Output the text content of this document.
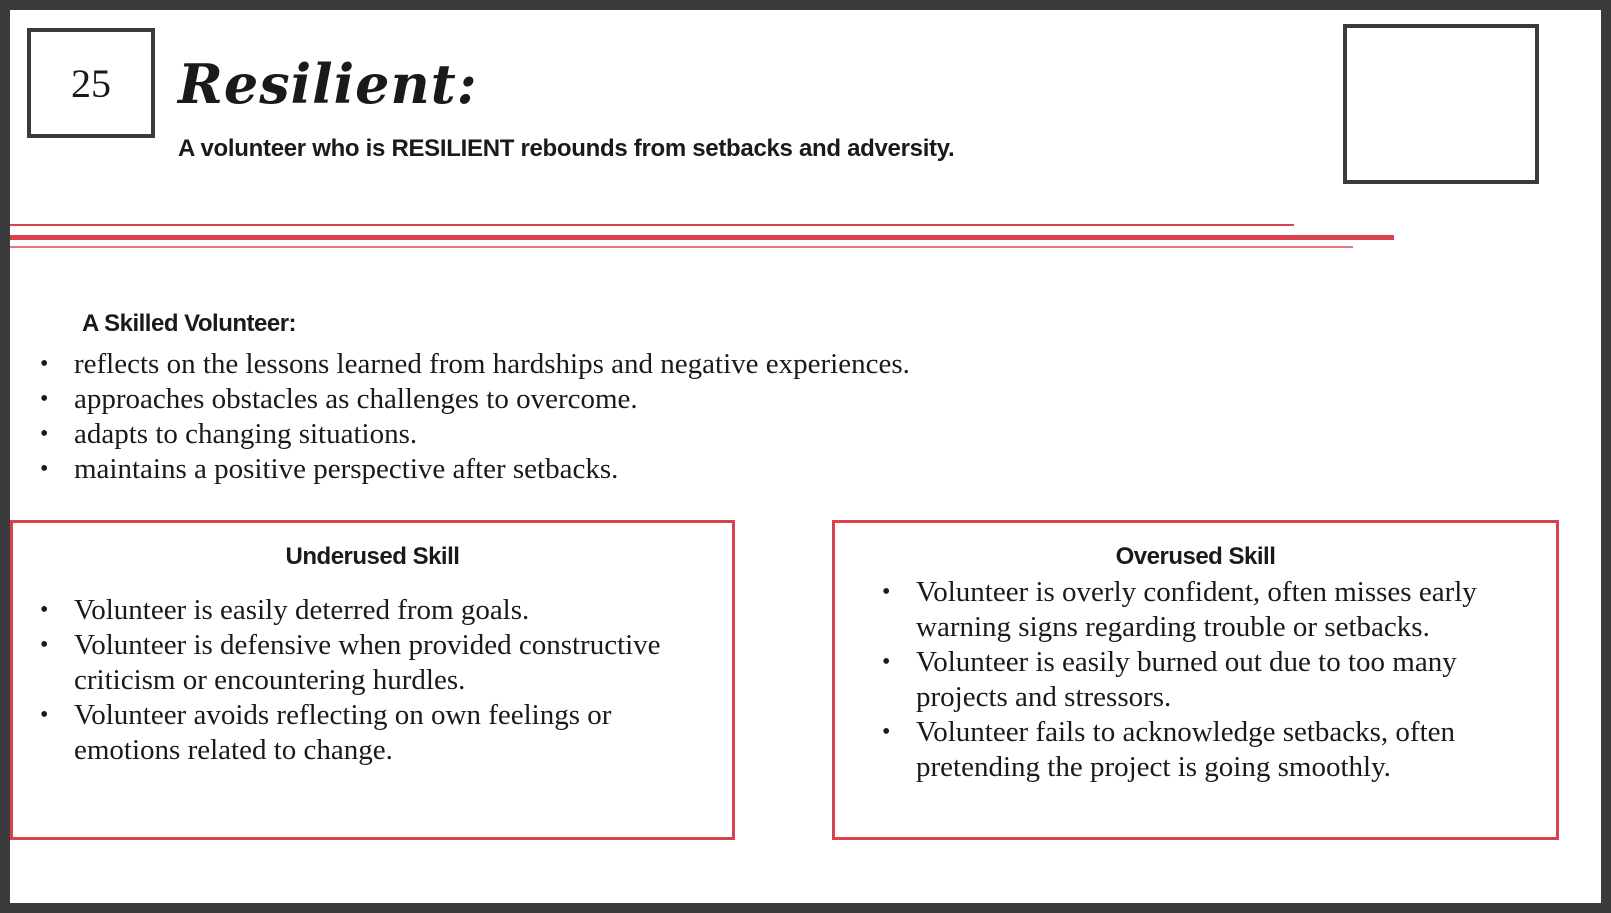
25 Resilient:
A volunteer who is RESILIENT rebounds from setbacks and adversity.
A Skilled Volunteer:
• reflects on the lessons learned from hardships and negative experiences.
• approaches obstacles as challenges to overcome.
• adapts to changing situations.
• maintains a positive perspective after setbacks.
Underused Skill
• Volunteer is easily deterred from goals.
• Volunteer is defensive when provided constructive criticism or encountering hurdles.
• Volunteer avoids reflecting on own feelings or emotions related to change.
Overused Skill
• Volunteer is overly confident, often misses early warning signs regarding trouble or setbacks.
• Volunteer is easily burned out due to too many projects and stressors.
• Volunteer fails to acknowledge setbacks, often pretending the project is going smoothly.
